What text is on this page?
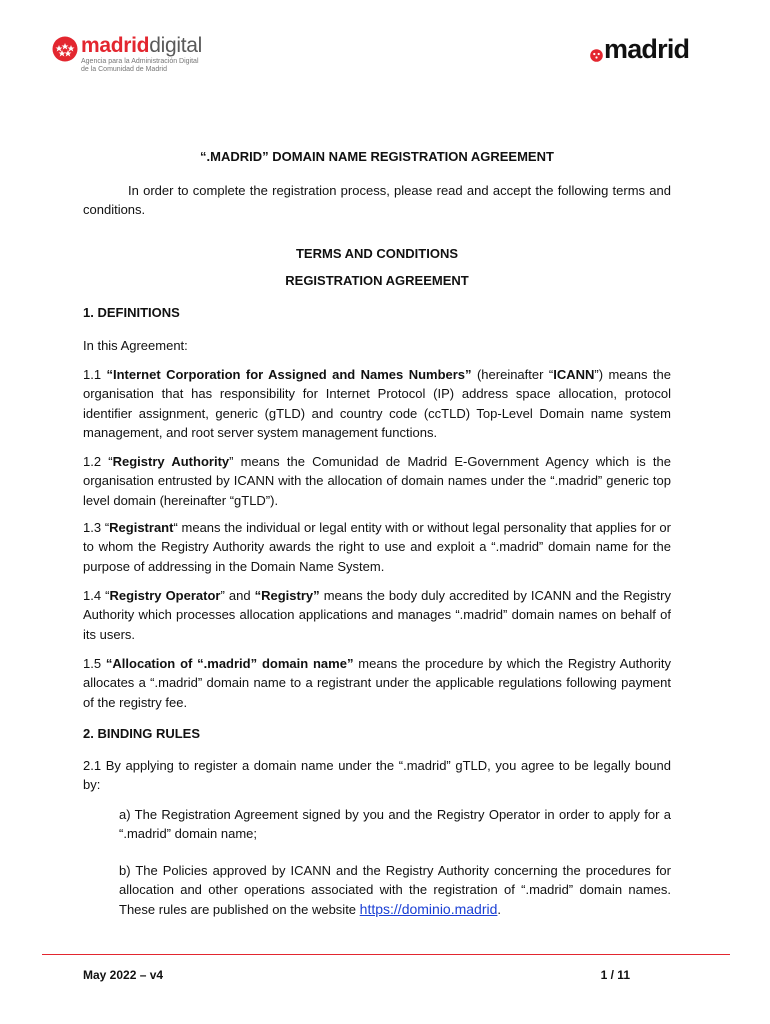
madriddigital
Agencia para la Administración Digital
de la Comunidad de Madrid
madrid

“.MADRID” DOMAIN NAME REGISTRATION AGREEMENT

In order to complete the registration process, please read and accept the following terms and conditions.

TERMS AND CONDITIONS

REGISTRATION AGREEMENT

1. DEFINITIONS

In this Agreement:

1.1 “Internet Corporation for Assigned and Names Numbers” (hereinafter “ICANN”) means the organisation that has responsibility for Internet Protocol (IP) address space allocation, protocol identifier assignment, generic (gTLD) and country code (ccTLD) Top-Level Domain name system management, and root server system management functions.

1.2 “Registry Authority” means the Comunidad de Madrid E-Government Agency which is the organisation entrusted by ICANN with the allocation of domain names under the “.madrid” generic top level domain (hereinafter “gTLD”).

1.3 “Registrant“ means the individual or legal entity with or without legal personality that applies for or to whom the Registry Authority awards the right to use and exploit a “.madrid” domain name for the purpose of addressing in the Domain Name System.

1.4 “Registry Operator” and “Registry” means the body duly accredited by ICANN and the Registry Authority which processes allocation applications and manages “.madrid” domain names on behalf of its users.

1.5 “Allocation of “.madrid” domain name” means the procedure by which the Registry Authority allocates a “.madrid” domain name to a registrant under the applicable regulations following payment of the registry fee.

2. BINDING RULES

2.1 By applying to register a domain name under the “.madrid” gTLD, you agree to be legally bound by:

a) The Registration Agreement signed by you and the Registry Operator in order to apply for a “.madrid” domain name;

b) The Policies approved by ICANN and the Registry Authority concerning the procedures for allocation and other operations associated with the registration of “.madrid” domain names. These rules are published on the website https://dominio.madrid.

May 2022 – v4	1 / 11
